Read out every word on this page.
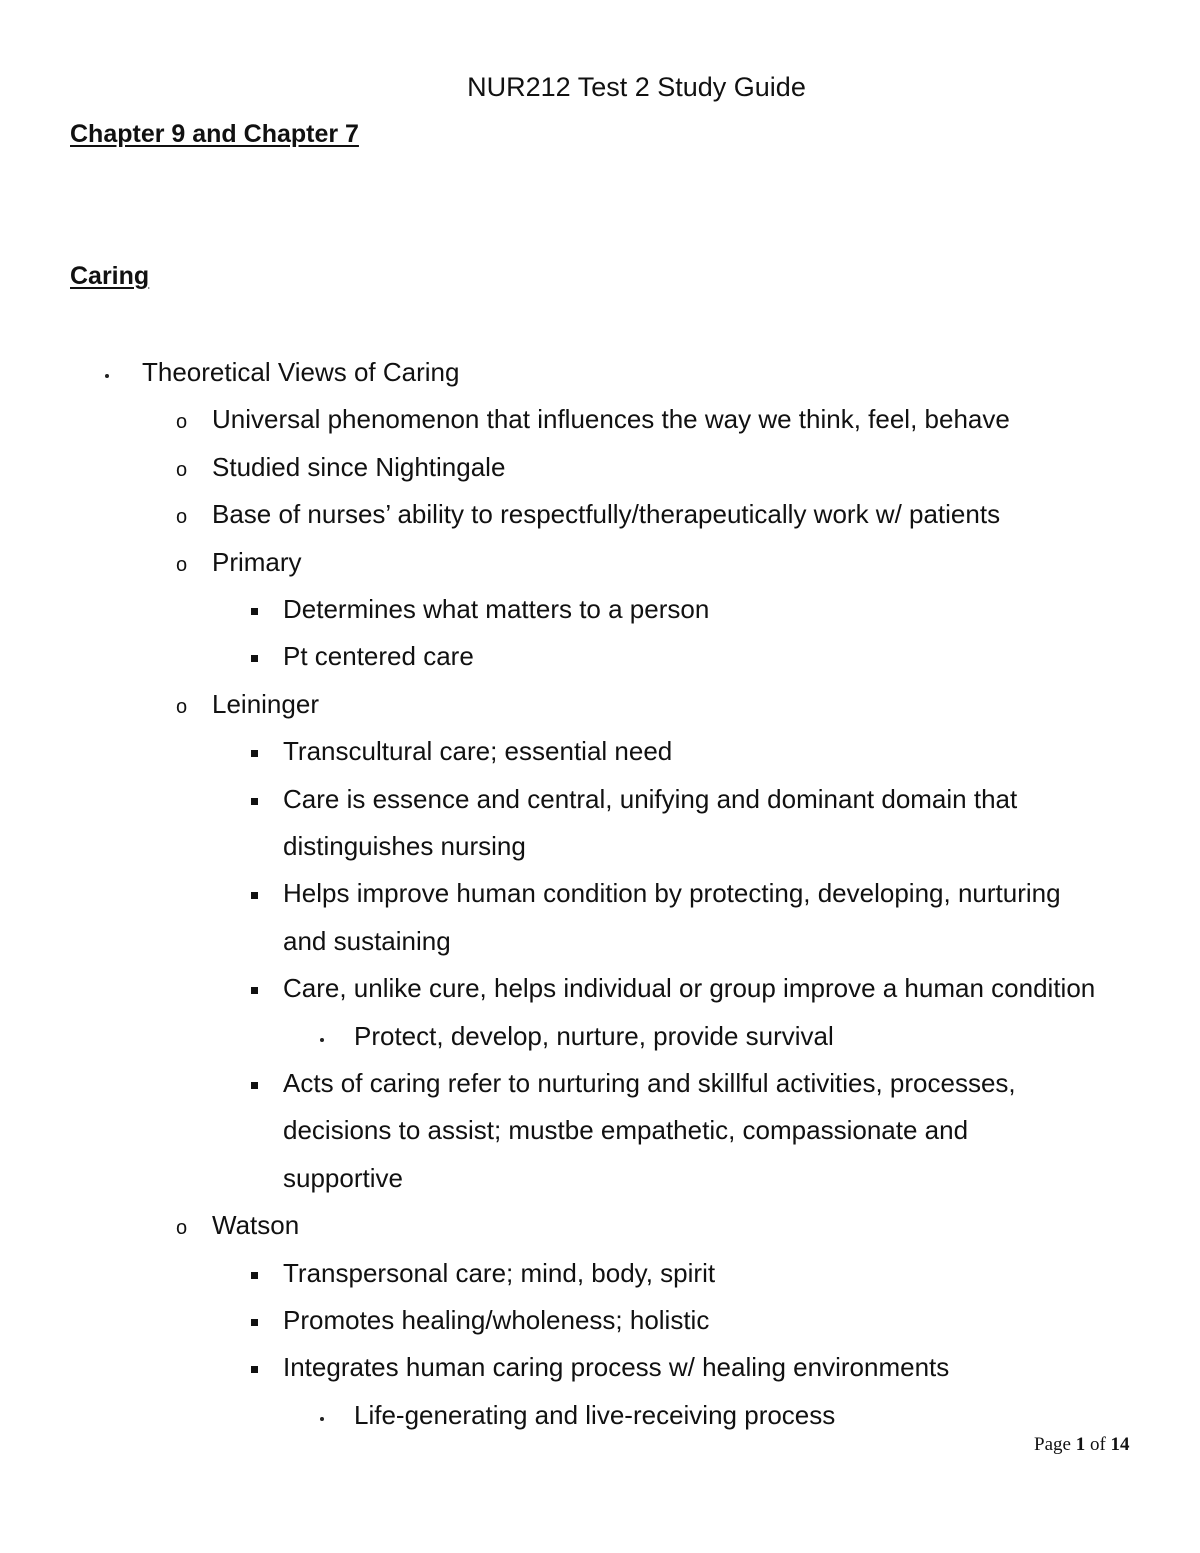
NUR212 Test 2 Study Guide
Chapter 9 and Chapter 7
Caring
Theoretical Views of Caring
Universal phenomenon that influences the way we think, feel, behave
o
Studied since Nightingale
o
Base of nurses’ ability to respectfully/therapeutically work w/ patients
o
Primary
o
Determines what matters to a person
Pt centered care
Leininger
o
Transcultural care; essential need
Care is essence and central, unifying and dominant domain that
distinguishes nursing
Helps improve human condition by protecting, developing, nurturing
and sustaining
Care, unlike cure, helps individual or group improve a human condition
Protect, develop, nurture, provide survival
Acts of caring refer to nurturing and skillful activities, processes,
decisions to assist; mustbe empathetic, compassionate and
supportive
Watson
o
Transpersonal care; mind, body, spirit
Promotes healing/wholeness; holistic
Integrates human caring process w/ healing environments
Life-generating and live-receiving process
Page 1 of 14
